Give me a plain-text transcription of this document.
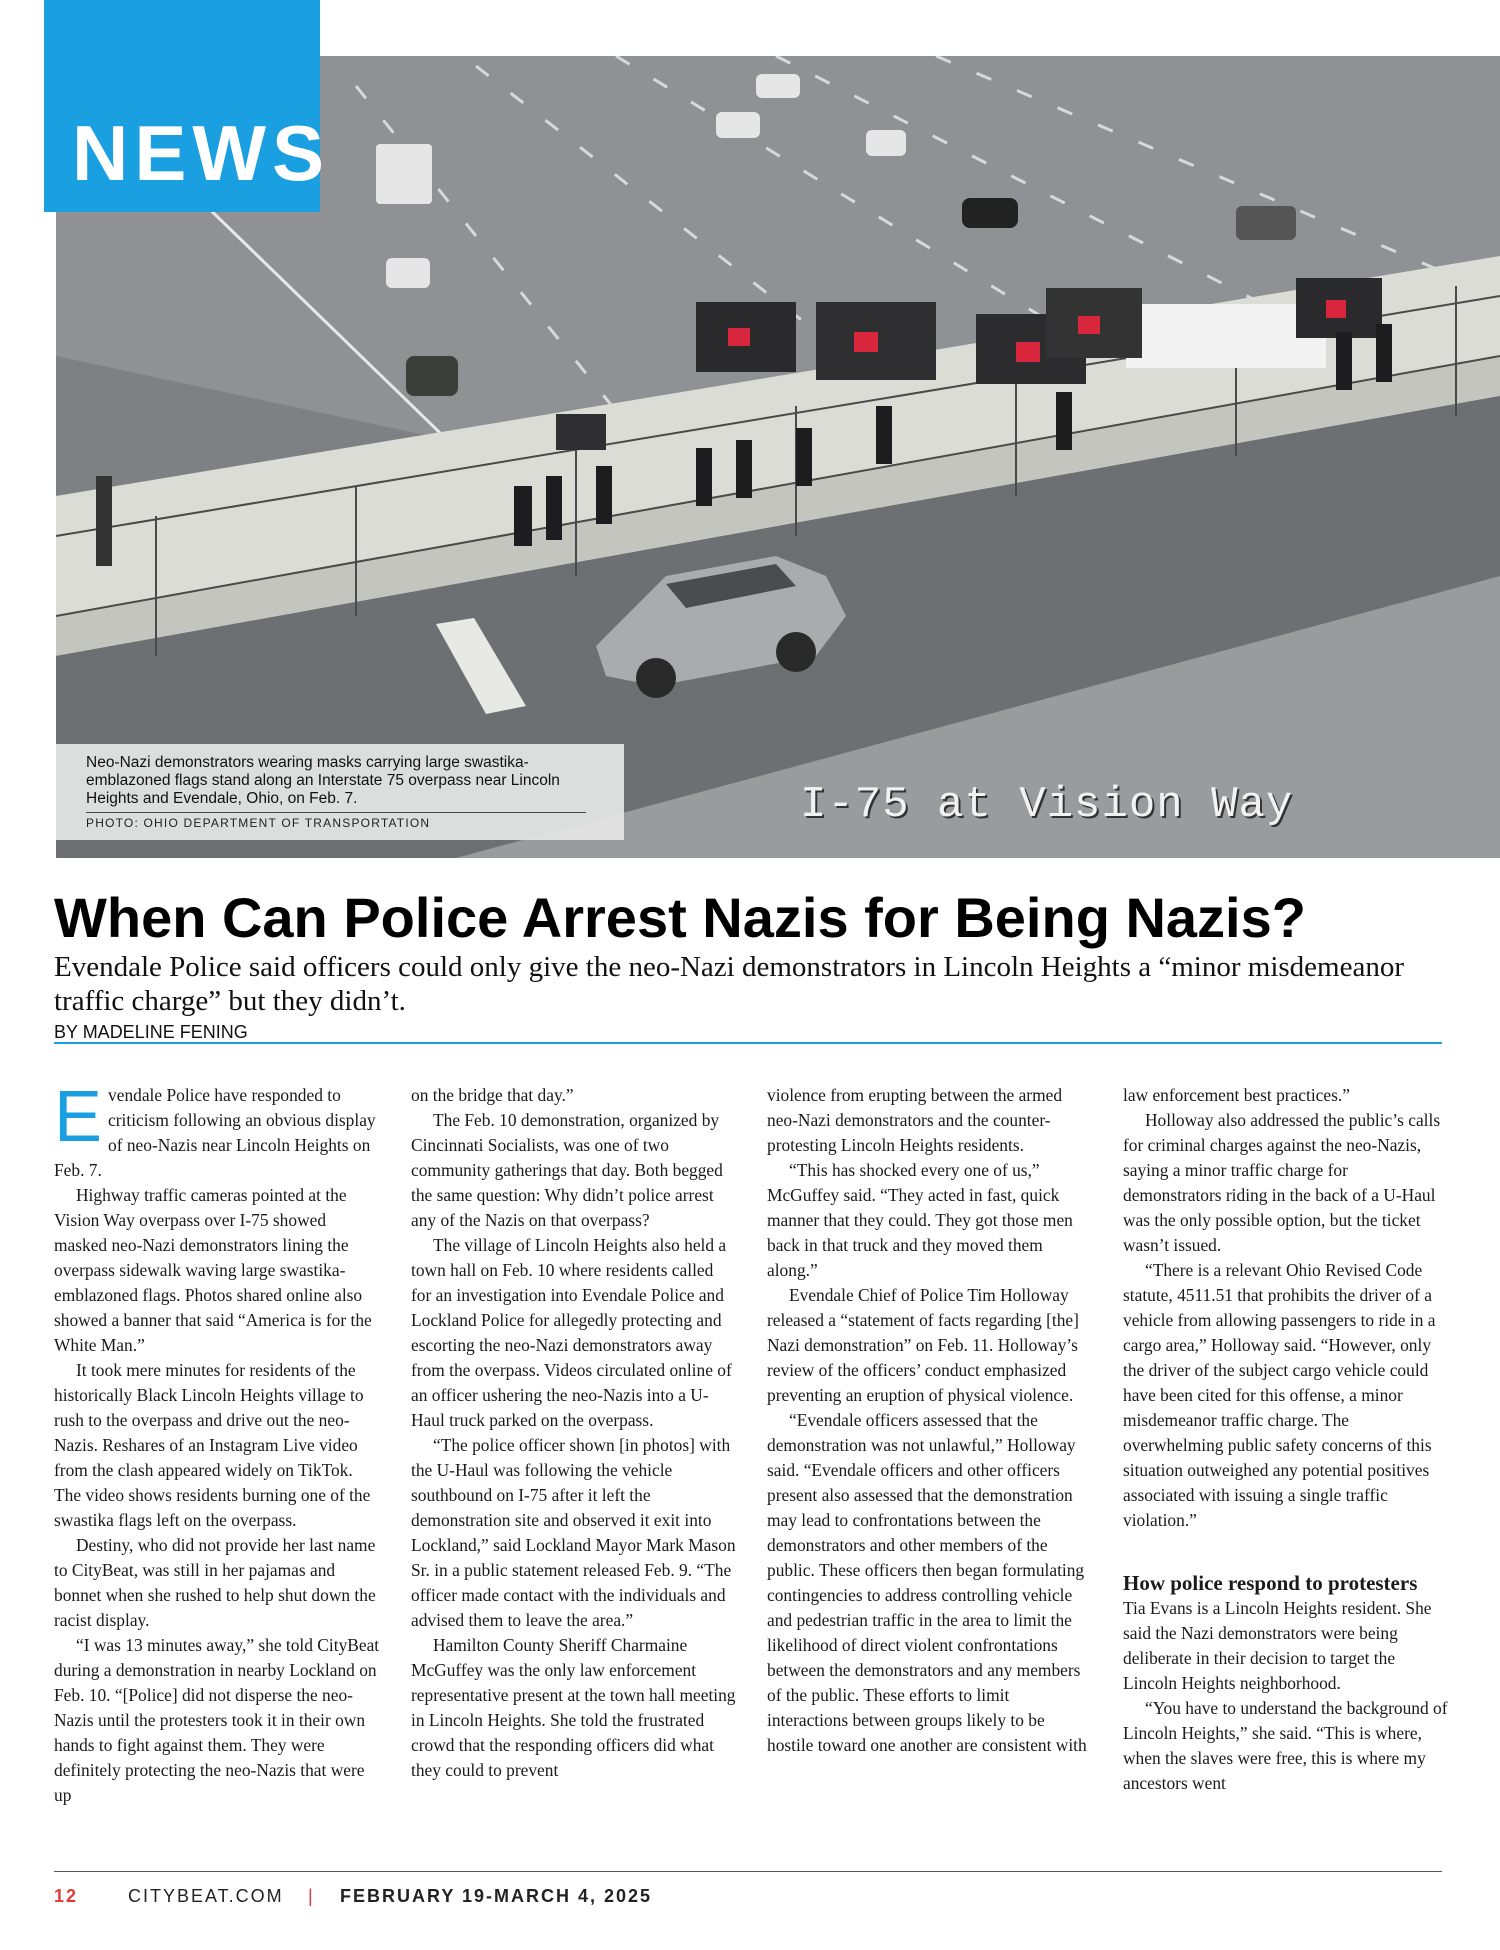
NEWS
Neo-Nazi demonstrators wearing masks carrying large swastika-emblazoned flags stand along an Interstate 75 overpass near Lincoln Heights and Evendale, Ohio, on Feb. 7.
PHOTO: OHIO DEPARTMENT OF TRANSPORTATION	I-75 at Vision Way
When Can Police Arrest Nazis for Being Nazis?
Evendale Police said officers could only give the neo-Nazi demonstrators in Lincoln Heights a “minor misdemeanor traffic charge” but they didn’t.
BY MADELINE FENING

Evendale Police have responded to criticism following an obvious display of neo-Nazis near Lincoln Heights on Feb. 7.

Highway traffic cameras pointed at the Vision Way overpass over I-75 showed masked neo-Nazi demonstrators lining the overpass sidewalk waving large swastika-emblazoned flags. Photos shared online also showed a banner that said “America is for the White Man.”

It took mere minutes for residents of the historically Black Lincoln Heights village to rush to the overpass and drive out the neo-Nazis. Reshares of an Instagram Live video from the clash appeared widely on TikTok. The video shows residents burning one of the swastika flags left on the overpass.

Destiny, who did not provide her last name to CityBeat, was still in her pajamas and bonnet when she rushed to help shut down the racist display.

“I was 13 minutes away,” she told CityBeat during a demonstration in nearby Lockland on Feb. 10. “[Police] did not disperse the neo-Nazis until the protesters took it in their own hands to fight against them. They were definitely protecting the neo-Nazis that were up

on the bridge that day.”

The Feb. 10 demonstration, organized by Cincinnati Socialists, was one of two community gatherings that day. Both begged the same question: Why didn’t police arrest any of the Nazis on that overpass?

The village of Lincoln Heights also held a town hall on Feb. 10 where residents called for an investigation into Evendale Police and Lockland Police for allegedly protecting and escorting the neo-Nazi demonstrators away from the overpass. Videos circulated online of an officer ushering the neo-Nazis into a U-Haul truck parked on the overpass.

“The police officer shown [in photos] with the U-Haul was following the vehicle southbound on I-75 after it left the demonstration site and observed it exit into Lockland,” said Lockland Mayor Mark Mason Sr. in a public statement released Feb. 9. “The officer made contact with the individuals and advised them to leave the area.”

Hamilton County Sheriff Charmaine McGuffey was the only law enforcement representative present at the town hall meeting in Lincoln Heights. She told the frustrated crowd that the responding officers did what they could to prevent

violence from erupting between the armed neo-Nazi demonstrators and the counter-protesting Lincoln Heights residents.

“This has shocked every one of us,” McGuffey said. “They acted in fast, quick manner that they could. They got those men back in that truck and they moved them along.”

Evendale Chief of Police Tim Holloway released a “statement of facts regarding [the] Nazi demonstration” on Feb. 11. Holloway’s review of the officers’ conduct emphasized preventing an eruption of physical violence.

“Evendale officers assessed that the demonstration was not unlawful,” Holloway said. “Evendale officers and other officers present also assessed that the demonstration may lead to confrontations between the demonstrators and other members of the public. These officers then began formulating contingencies to address controlling vehicle and pedestrian traffic in the area to limit the likelihood of direct violent confrontations between the demonstrators and any members of the public. These efforts to limit interactions between groups likely to be hostile toward one another are consistent with

law enforcement best practices.”

Holloway also addressed the public’s calls for criminal charges against the neo-Nazis, saying a minor traffic charge for demonstrators riding in the back of a U-Haul was the only possible option, but the ticket wasn’t issued.

“There is a relevant Ohio Revised Code statute, 4511.51 that prohibits the driver of a vehicle from allowing passengers to ride in a cargo area,” Holloway said. “However, only the driver of the subject cargo vehicle could have been cited for this offense, a minor misdemeanor traffic charge. The overwhelming public safety concerns of this situation outweighed any potential positives associated with issuing a single traffic violation.”

How police respond to protesters

Tia Evans is a Lincoln Heights resident. She said the Nazi demonstrators were being deliberate in their decision to target the Lincoln Heights neighborhood.

“You have to understand the background of Lincoln Heights,” she said. “This is where, when the slaves were free, this is where my ancestors went

12	CITYBEAT.COM | FEBRUARY 19-MARCH 4, 2025
